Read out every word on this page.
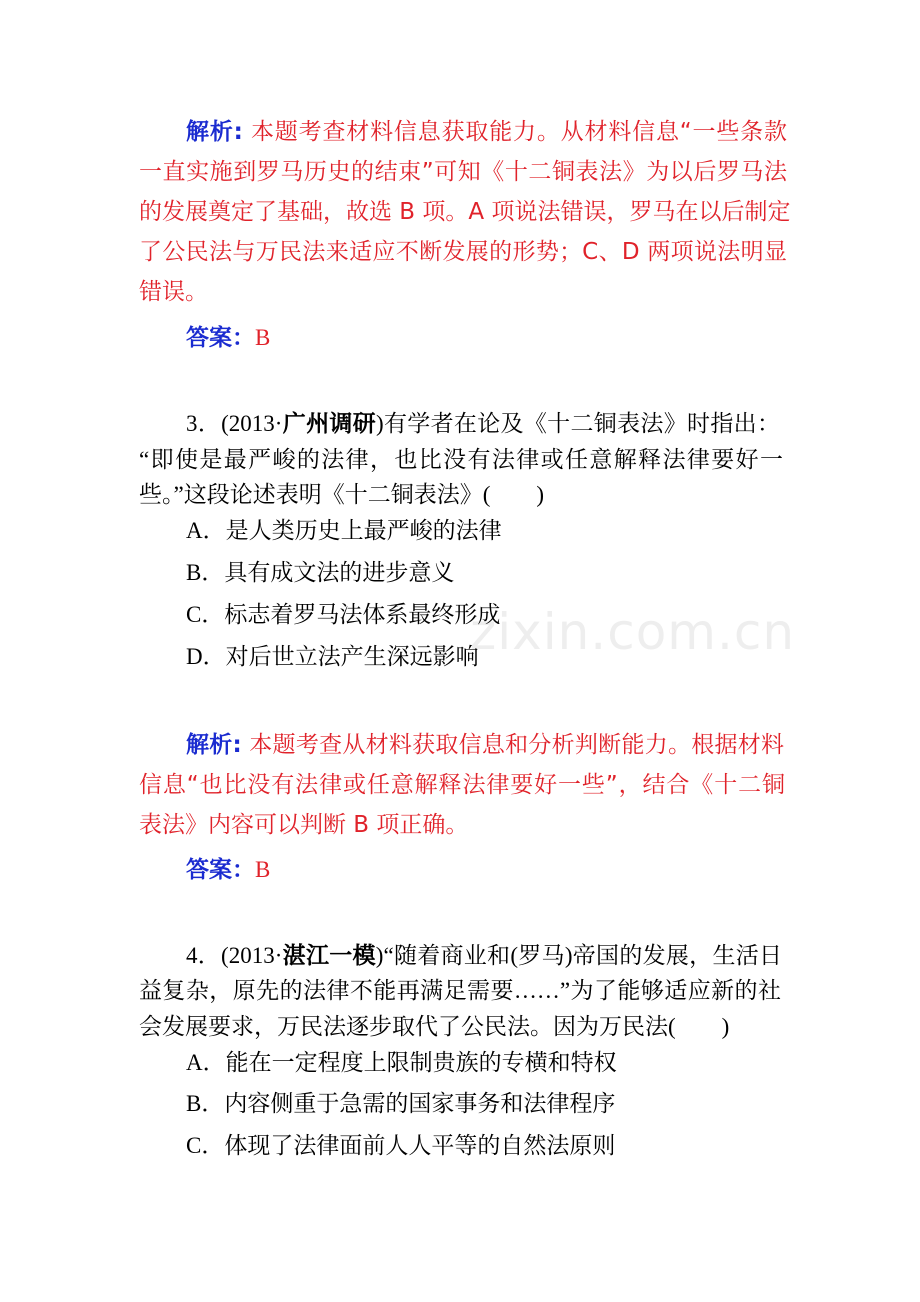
zixin.com.cn
解析: 本题考查材料信息获取能力。从材料信息“一些条款
一直实施到罗马历史的结束”可知《十二铜表法》为以后罗马法
的发展奠定了基础，故选 B 项。A 项说法错误，罗马在以后制定
了公民法与万民法来适应不断发展的形势；C、D 两项说法明显
错误。
答案：B
3．(2013·广州调研)有学者在论及《十二铜表法》时指出：
“即使是最严峻的法律，也比没有法律或任意解释法律要好一
些。”这段论述表明《十二铜表法》(　　)
A．是人类历史上最严峻的法律
B．具有成文法的进步意义
C．标志着罗马法体系最终形成
D．对后世立法产生深远影响
解析: 本题考查从材料获取信息和分析判断能力。根据材料
信息“也比没有法律或任意解释法律要好一些”，结合《十二铜
表法》内容可以判断 B 项正确。
答案：B
4．(2013·湛江一模)“随着商业和(罗马)帝国的发展，生活日
益复杂，原先的法律不能再满足需要……”为了能够适应新的社
会发展要求，万民法逐步取代了公民法。因为万民法(　　)
A．能在一定程度上限制贵族的专横和特权
B．内容侧重于急需的国家事务和法律程序
C．体现了法律面前人人平等的自然法原则
